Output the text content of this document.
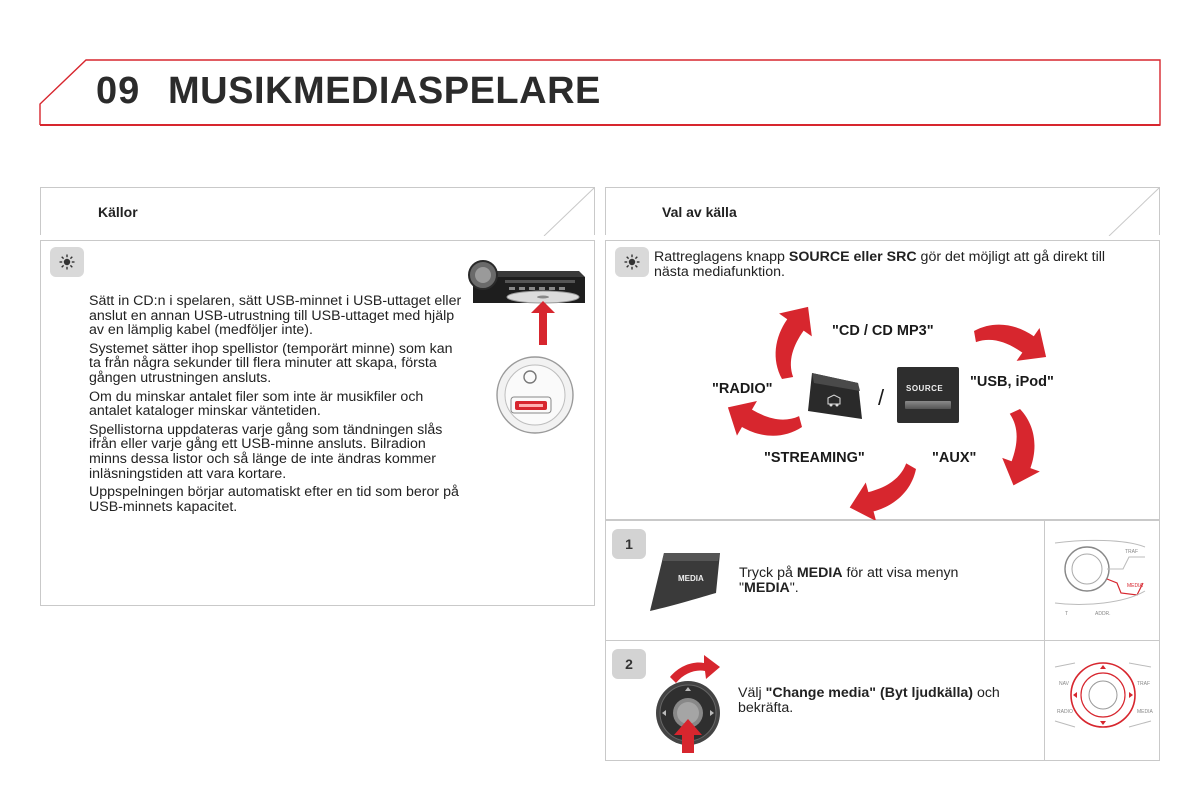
09 MUSIKMEDIASPELARE
Källor

Sätt in CD:n i spelaren, sätt USB-minnet i USB-uttaget eller anslut en annan USB-utrustning till USB-uttaget med hjälp av en lämplig kabel (medföljer inte).

Systemet sätter ihop spellistor (temporärt minne) som kan ta från några sekunder till flera minuter att skapa, första gången utrustningen ansluts.

Om du minskar antalet filer som inte är musikfiler och antalet kataloger minskar väntetiden.

Spellistorna uppdateras varje gång som tändningen slås ifrån eller varje gång ett USB-minne ansluts. Bilradion minns dessa listor och så länge de inte ändras kommer inläsningstiden att vara kortare.

Uppspelningen börjar automatiskt efter en tid som beror på USB-minnets kapacitet.

Val av källa
Rattreglagens knapp SOURCE eller SRC gör det möjligt att gå direkt till nästa mediafunktion.
"CD / CD MP3"
"USB, iPod"
"AUX"
"STREAMING"
"RADIO"	/	SOURCE
1
MEDIA Tryck på MEDIA för att visa menyn "MEDIA".
TRAF
MEDIA
T	ADDR.
2
Välj "Change media" (Byt ljudkälla) och bekräfta.
NAV	TRAF
RADIO	MEDIA
